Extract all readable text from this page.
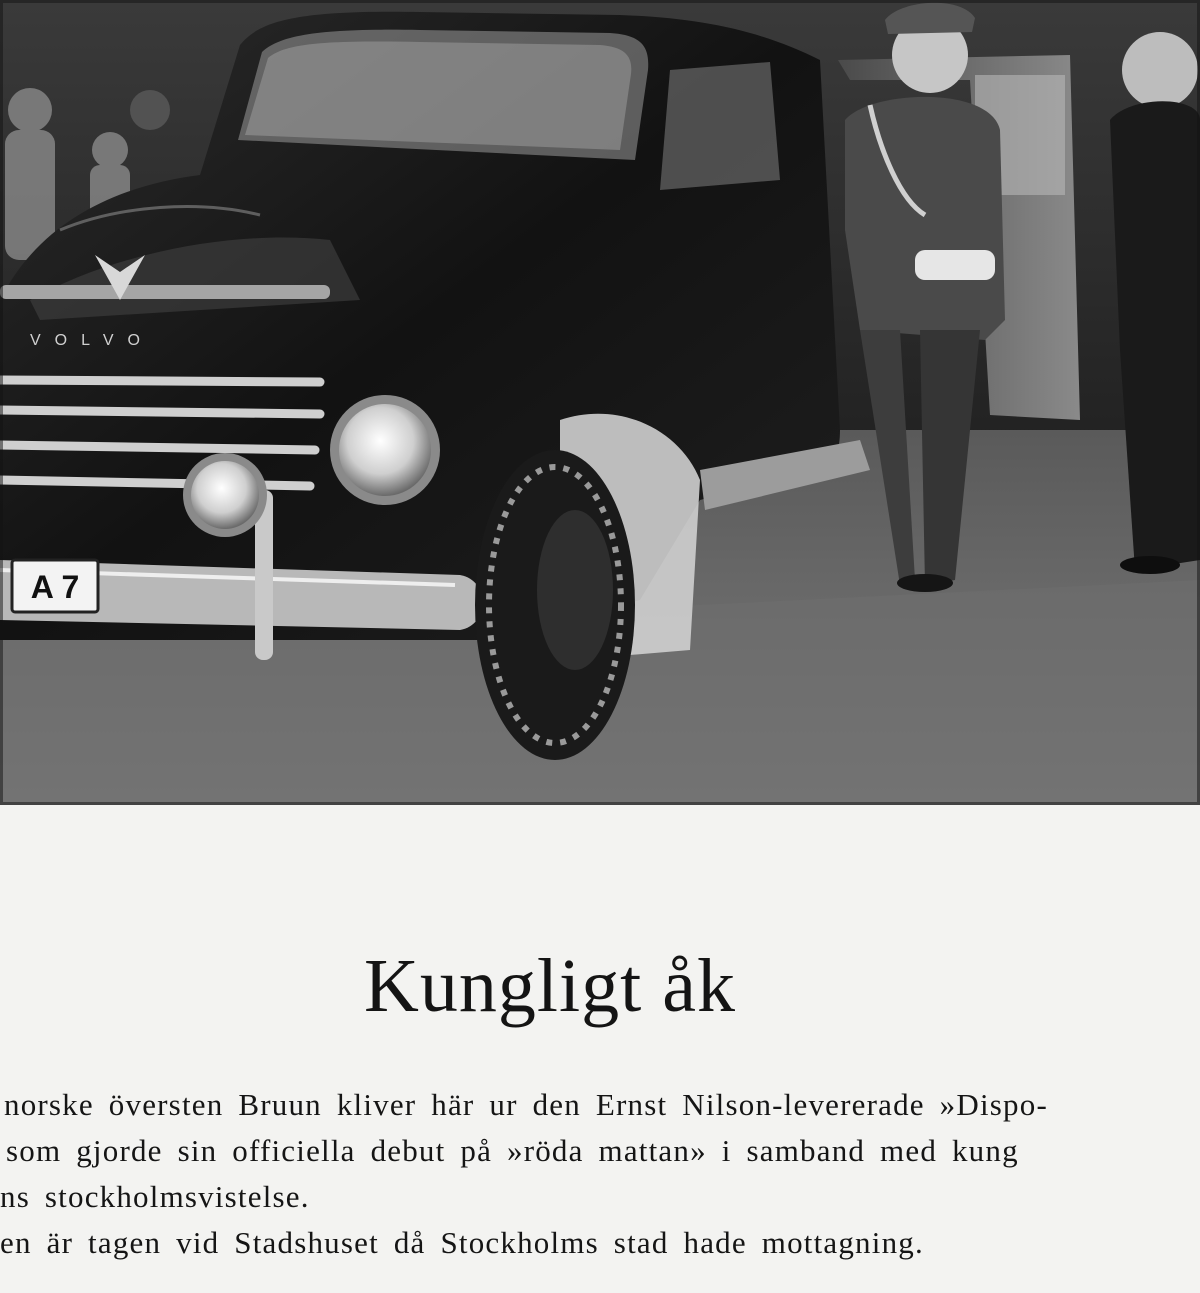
VOLVO
A 7
Kungligt åk
norske översten Bruun kliver här ur den Ernst Nilson-levererade »Dispo-
som gjorde sin officiella debut på »röda mattan» i samband med kung
ns stockholmsvistelse.
en är tagen vid Stadshuset då Stockholms stad hade mottagning.
